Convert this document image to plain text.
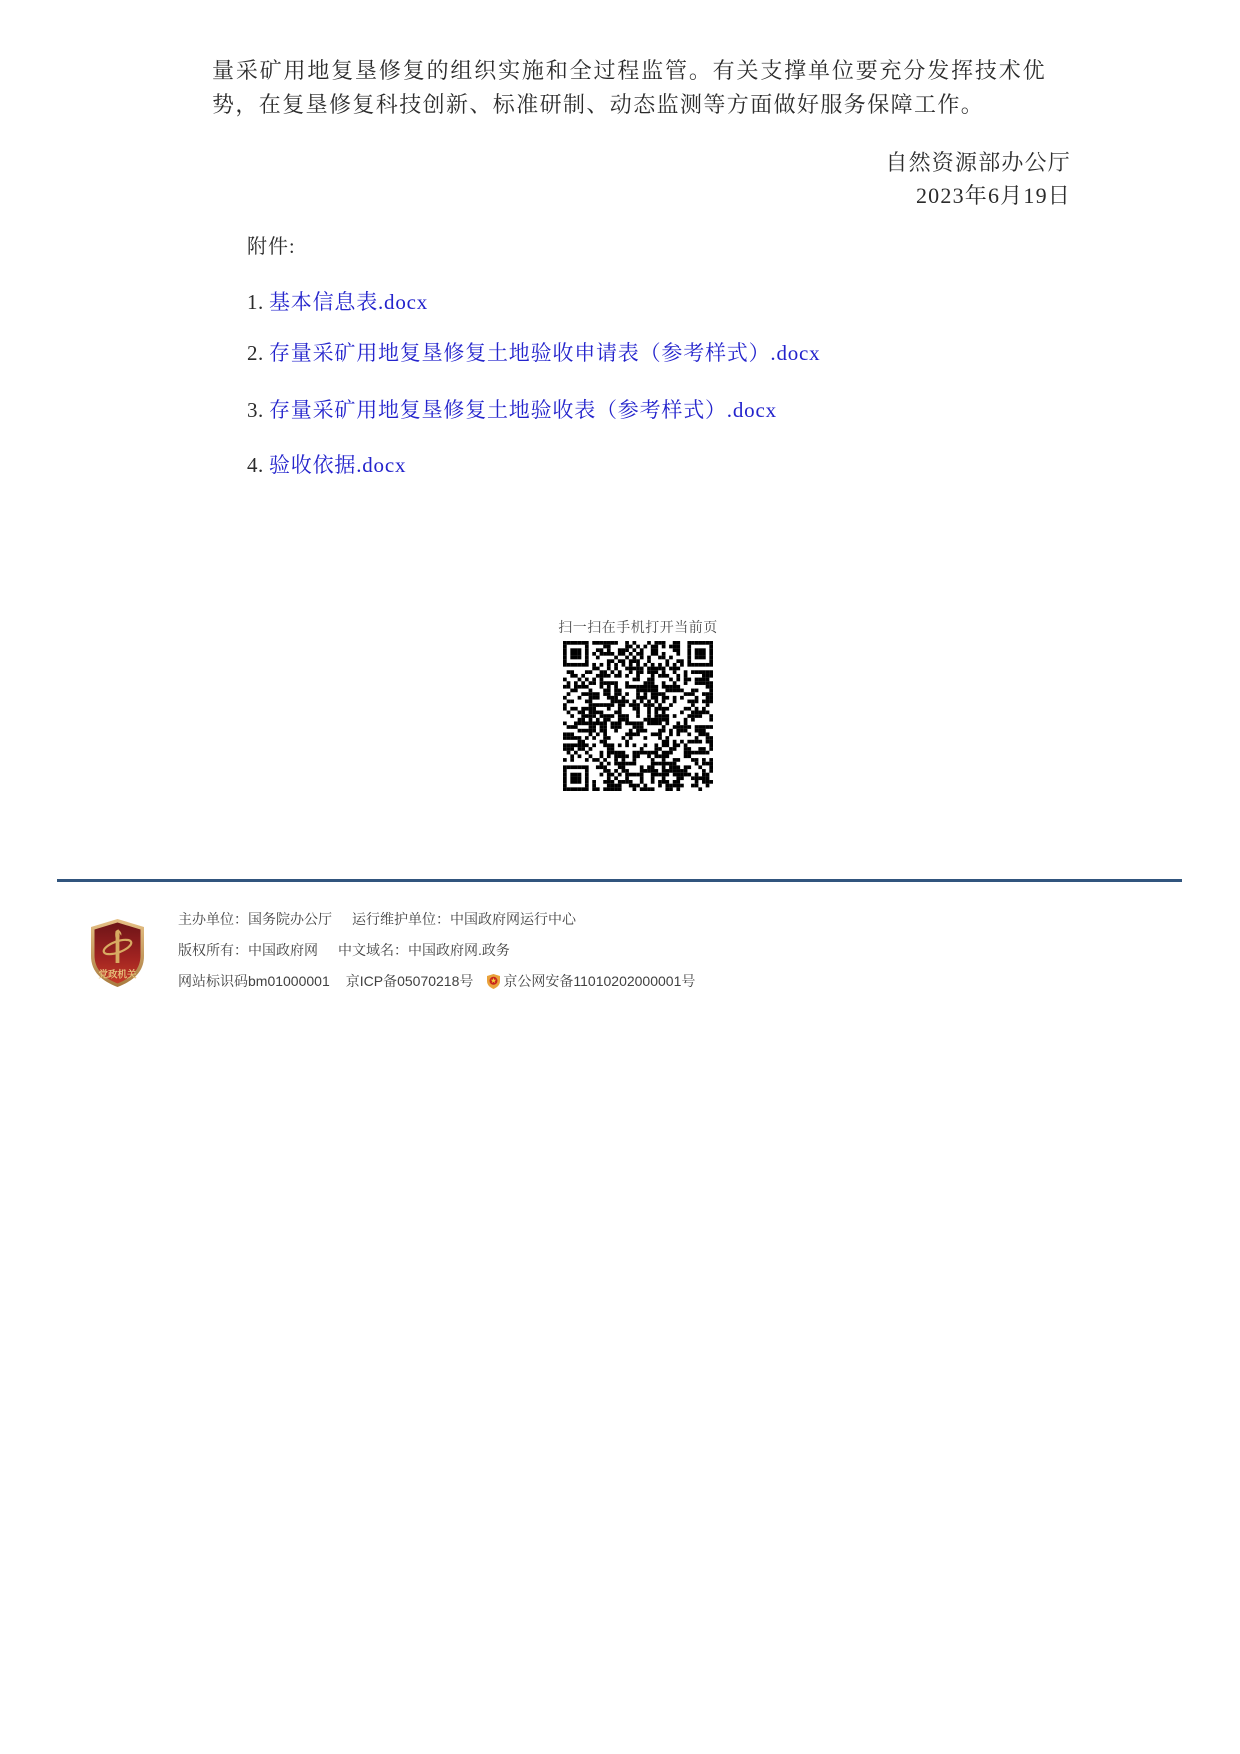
量采矿用地复垦修复的组织实施和全过程监管。有关支撑单位要充分发挥技术优势，在复垦修复科技创新、标准研制、动态监测等方面做好服务保障工作。

自然资源部办公厅
2023年6月19日
附件:
1. 基本信息表.docx
2. 存量采矿用地复垦修复土地验收申请表（参考样式）.docx
3. 存量采矿用地复垦修复土地验收表（参考样式）.docx
4. 验收依据.docx
扫一扫在手机打开当前页
党政机关
主办单位：国务院办公厅 运行维护单位：中国政府网运行中心
版权所有：中国政府网 中文域名：中国政府网.政务
网站标识码bm01000001 京ICP备05070218号 京公网安备11010202000001号
